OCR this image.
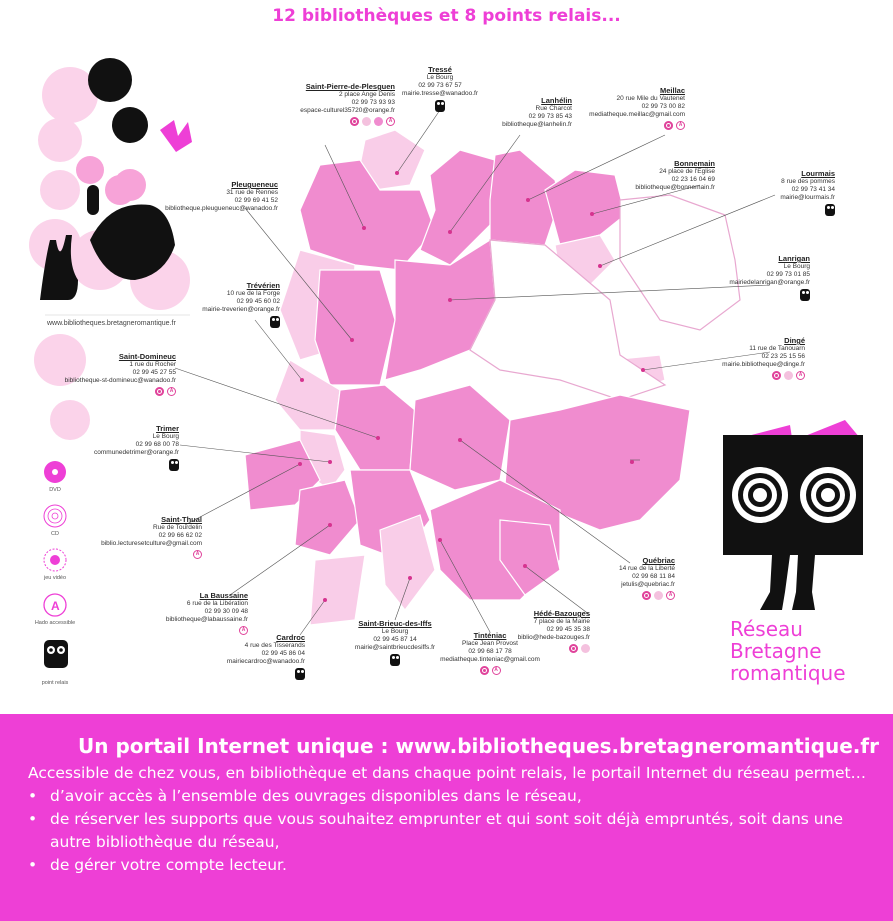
A
12 bibliothèques et 8 points relais...
www.bibliotheques.bretagneromantique.fr
DVD
CD
jeu vidéo
Hado accessible
point relais
Tressé
Le Bourg
02 99 73 67 57
mairie.tresse@wanadoo.fr
Saint-Pierre-de-Plesguen
2 place Ange Denis
02 99 73 93 93
espace-culturel35720@orange.fr
A
Lanhélin
Rue Charcot
02 99 73 85 43
bibliotheque@lanhelin.fr
Meillac
20 rue Mile du Vautenet
02 99 73 00 82
mediatheque.meillac@gmail.com
A
Bonnemain
24 place de l'Eglise
02 23 16 04 69
bibliotheque@bonnemain.fr
Pleugueneuc
31 rue de Rennes
02 99 69 41 52
bibliotheque.pleugueneuc@wanadoo.fr
Lourmais
8 rue des pommes
02 99 73 41 34
mairie@lourmais.fr
Trévérien
10 rue de la Forge
02 99 45 60 02
mairie-treverien@orange.fr
Lanrigan
Le Bourg
02 99 73 01 85
mairiedelanrigan@orange.fr
Saint-Domineuc
1 rue du Rocher
02 99 45 27 55
bibliotheque-st-domineuc@wanadoo.fr
A
Dingé
11 rue de Tanouarn
02 23 25 15 56
mairie.bibliotheque@dinge.fr
A
Trimer
Le Bourg
02 99 68 00 78
communedetrimer@orange.fr
Saint-Thual
Rue de Tourdelin
02 99 66 62 02
biblio.lecturesetculture@gmail.com
A
Québriac
14 rue de la Liberté
02 99 68 11 84
jetulis@quebriac.fr
A
La Baussaine
6 rue de la Libération
02 99 30 09 48
bibliotheque@labaussaine.fr
A
Saint-Brieuc-des-Iffs
Le Bourg
02 99 45 87 14
mairie@saintbrieucdesiffs.fr
Hédé-Bazouges
7 place de la Mairie
02 99 45 35 38
biblio@hede-bazouges.fr
Cardroc
4 rue des Tisserands
02 99 45 86 04
mairiecardroc@wanadoo.fr
Tinténiac
Place Jean Provost
02 99 68 17 78
mediatheque.tinteniac@gmail.com
A
Réseau
Bretagne
romantique
Un portail Internet unique : www.bibliotheques.bretagneromantique.fr
Accessible de chez vous, en bibliothèque et dans chaque point relais, le portail Internet du réseau permet…
• d’avoir accès à l’ensemble des ouvrages disponibles dans le réseau,
• de réserver les supports que vous souhaitez emprunter et qui sont soit déjà empruntés, soit dans une autre bibliothèque du réseau,
• de gérer votre compte lecteur.
